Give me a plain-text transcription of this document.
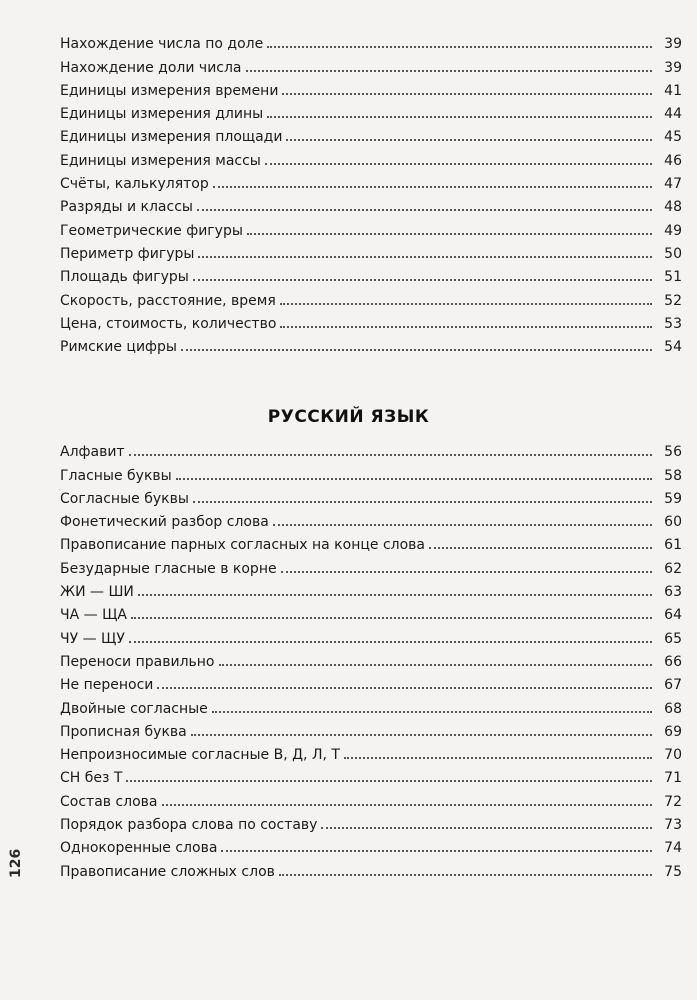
Нахождение числа по доле	39
Нахождение доли числа	39
Единицы измерения времени	41
Единицы измерения длины	44
Единицы измерения площади	45
Единицы измерения массы	46
Счёты, калькулятор	47
Разряды и классы	48
Геометрические фигуры	49
Периметр фигуры	50
Площадь фигуры	51
Скорость, расстояние, время	52
Цена, стоимость, количество	53
Римские цифры	54
РУССКИЙ ЯЗЫК
Алфавит	56
Гласные буквы	58
Согласные буквы	59
Фонетический разбор слова	60
Правописание парных согласных на конце слова	61
Безударные гласные в корне	62
ЖИ — ШИ	63
ЧА — ЩА	64
ЧУ — ЩУ	65
Переноси правильно	66
Не переноси	67
Двойные согласные	68
Прописная буква	69
Непроизносимые согласные В, Д, Л, Т	70
СН без Т	71
Состав слова	72
Порядок разбора слова по составу	73
Однокоренные слова	74
Правописание сложных слов	75
126
